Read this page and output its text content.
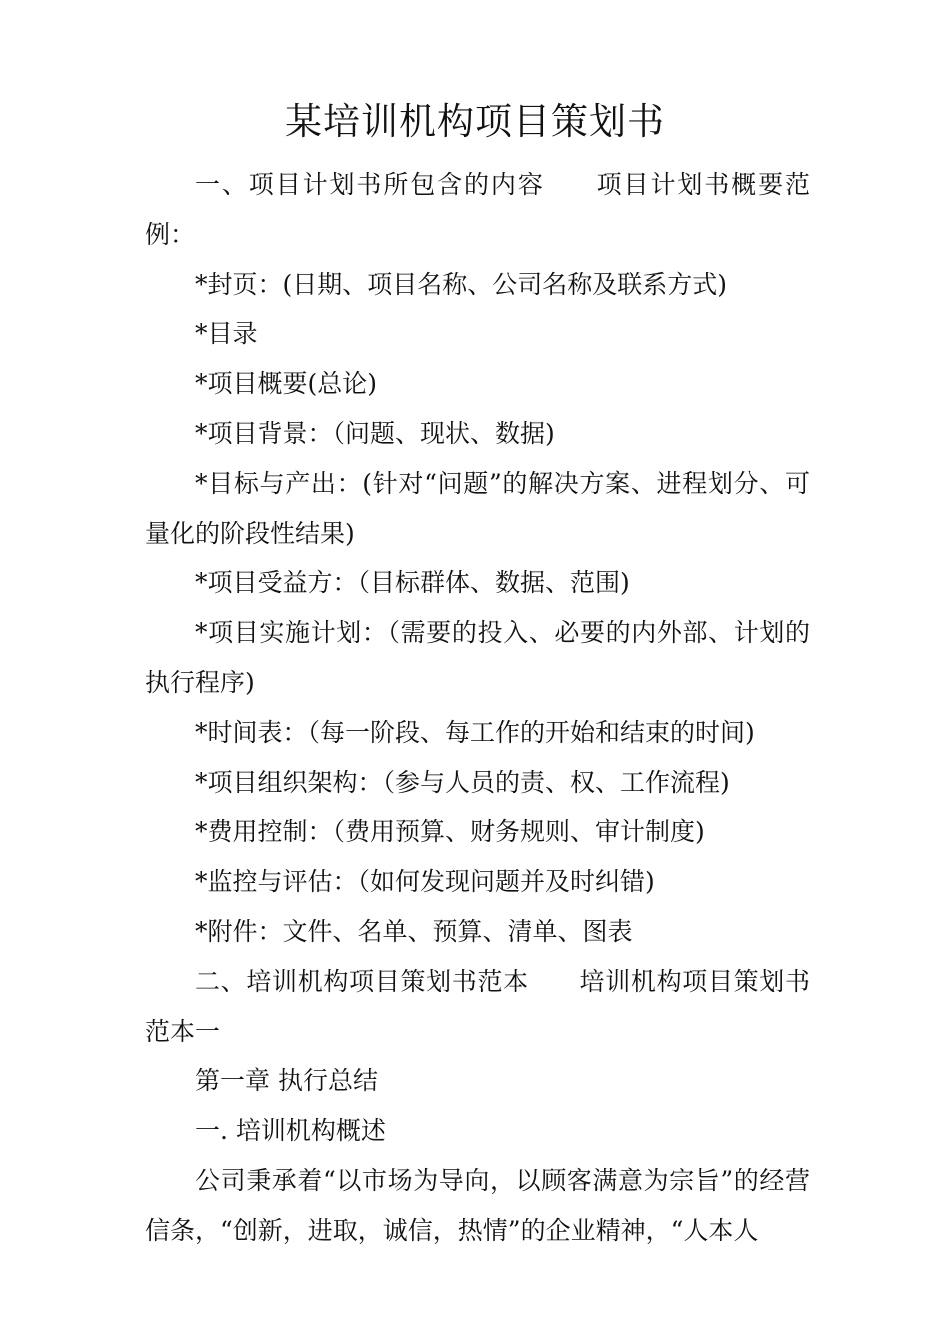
某培训机构项目策划书

一、项目计划书所包含的内容 项目计划书概要范例：

*封页：(日期、项目名称、公司名称及联系方式)

*目录

*项目概要(总论)

*项目背景：（问题、现状、数据)

*目标与产出：(针对“问题”的解决方案、进程划分、可量化的阶段性结果)

*项目受益方：（目标群体、数据、范围)

*项目实施计划：（需要的投入、必要的内外部、计划的执行程序)

*时间表：（每一阶段、每工作的开始和结束的时间)

*项目组织架构：（参与人员的责、权、工作流程)

*费用控制：（费用预算、财务规则、审计制度)

*监控与评估：（如何发现问题并及时纠错)

*附件：文件、名单、预算、清单、图表

二、培训机构项目策划书范本 培训机构项目策划书范本一

第一章 执行总结

一. 培训机构概述

公司秉承着“以市场为导向，以顾客满意为宗旨”的经营信条，“创新，进取，诚信，热情”的企业精神，“人本人
